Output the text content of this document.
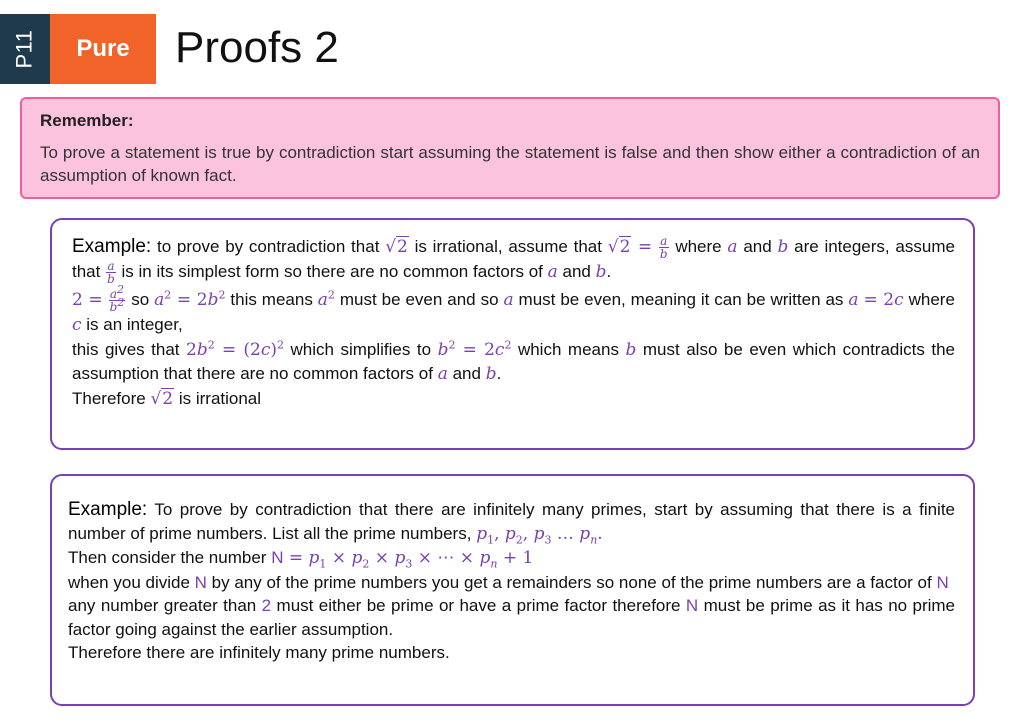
P11 Pure Proofs 2
Remember:
To prove a statement is true by contradiction start assuming the statement is false and then show either a contradiction of an assumption of known fact.

Example: to prove by contradiction that √2 is irrational, assume that $√2 = \frac{a}{b}$ where a and b are integers, assume that $\frac{a}{b}$ is in its simplest form so there are no common factors of a and b.

$2 = \frac{a^2}{b^2}$ so $a^2 = 2b^2$ this means $a^2$ must be even and so a must be even, meaning it can be written as a = 2c where c is an integer,

this gives that $2b^2 = (2c)^2$ which simplifies to $b^2 = 2c^2$ which means b must also be even which contradicts the assumption that there are no common factors of a and b.

Therefore √2 is irrational

Example: To prove by contradiction that there are infinitely many primes, start by assuming that there is a finite number of prime numbers. List all the prime numbers, $p_1$, $p_2$, $p_3$ … $p_n$.

Then consider the number $N = p_1 \times p_2 \times p_3$ × ⋯ × $p_n + 1$

when you divide N by any of the prime numbers you get a remainders so none of the prime numbers are a factor of N

any number greater than 2 must either be prime or have a prime factor therefore N must be prime as it has no prime factor going against the earlier assumption.

Therefore there are infinitely many prime numbers.
